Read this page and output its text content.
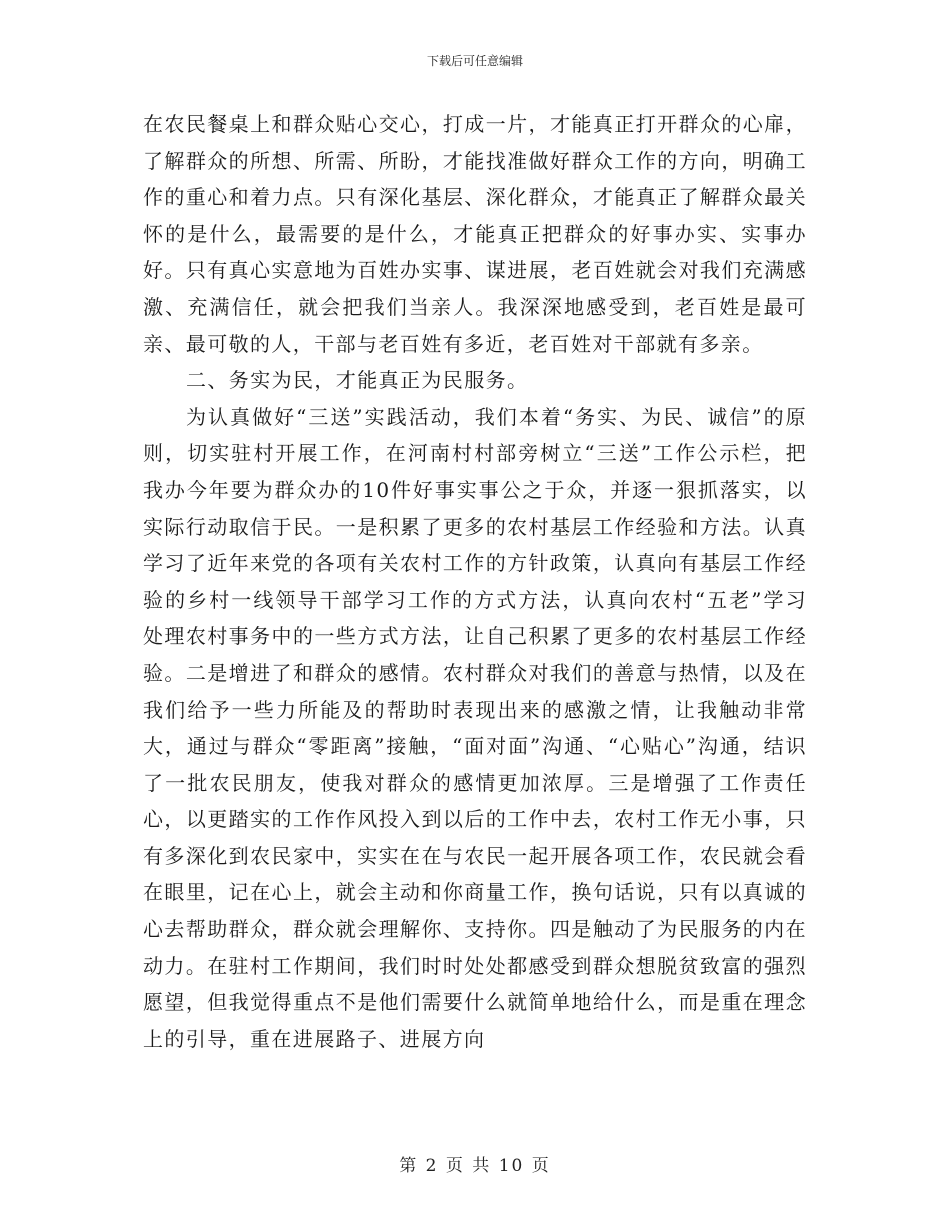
下载后可任意编辑

在农民餐桌上和群众贴心交心，打成一片，才能真正打开群众的心扉，了解群众的所想、所需、所盼，才能找准做好群众工作的方向，明确工作的重心和着力点。只有深化基层、深化群众，才能真正了解群众最关怀的是什么，最需要的是什么，才能真正把群众的好事办实、实事办好。只有真心实意地为百姓办实事、谋进展，老百姓就会对我们充满感激、充满信任，就会把我们当亲人。我深深地感受到，老百姓是最可亲、最可敬的人，干部与老百姓有多近，老百姓对干部就有多亲。

二、务实为民，才能真正为民服务。

为认真做好“三送”实践活动，我们本着“务实、为民、诚信”的原则，切实驻村开展工作，在河南村村部旁树立“三送”工作公示栏，把我办今年要为群众办的10件好事实事公之于众，并逐一狠抓落实，以实际行动取信于民。一是积累了更多的农村基层工作经验和方法。认真学习了近年来党的各项有关农村工作的方针政策，认真向有基层工作经验的乡村一线领导干部学习工作的方式方法，认真向农村“五老”学习处理农村事务中的一些方式方法，让自己积累了更多的农村基层工作经验。二是增进了和群众的感情。农村群众对我们的善意与热情，以及在我们给予一些力所能及的帮助时表现出来的感激之情，让我触动非常大，通过与群众“零距离”接触，“面对面”沟通、“心贴心”沟通，结识了一批农民朋友，使我对群众的感情更加浓厚。三是增强了工作责任心，以更踏实的工作作风投入到以后的工作中去，农村工作无小事，只有多深化到农民家中，实实在在与农民一起开展各项工作，农民就会看在眼里，记在心上，就会主动和你商量工作，换句话说，只有以真诚的心去帮助群众，群众就会理解你、支持你。四是触动了为民服务的内在动力。在驻村工作期间，我们时时处处都感受到群众想脱贫致富的强烈愿望，但我觉得重点不是他们需要什么就简单地给什么，而是重在理念上的引导，重在进展路子、进展方向

第 2 页 共 10 页
